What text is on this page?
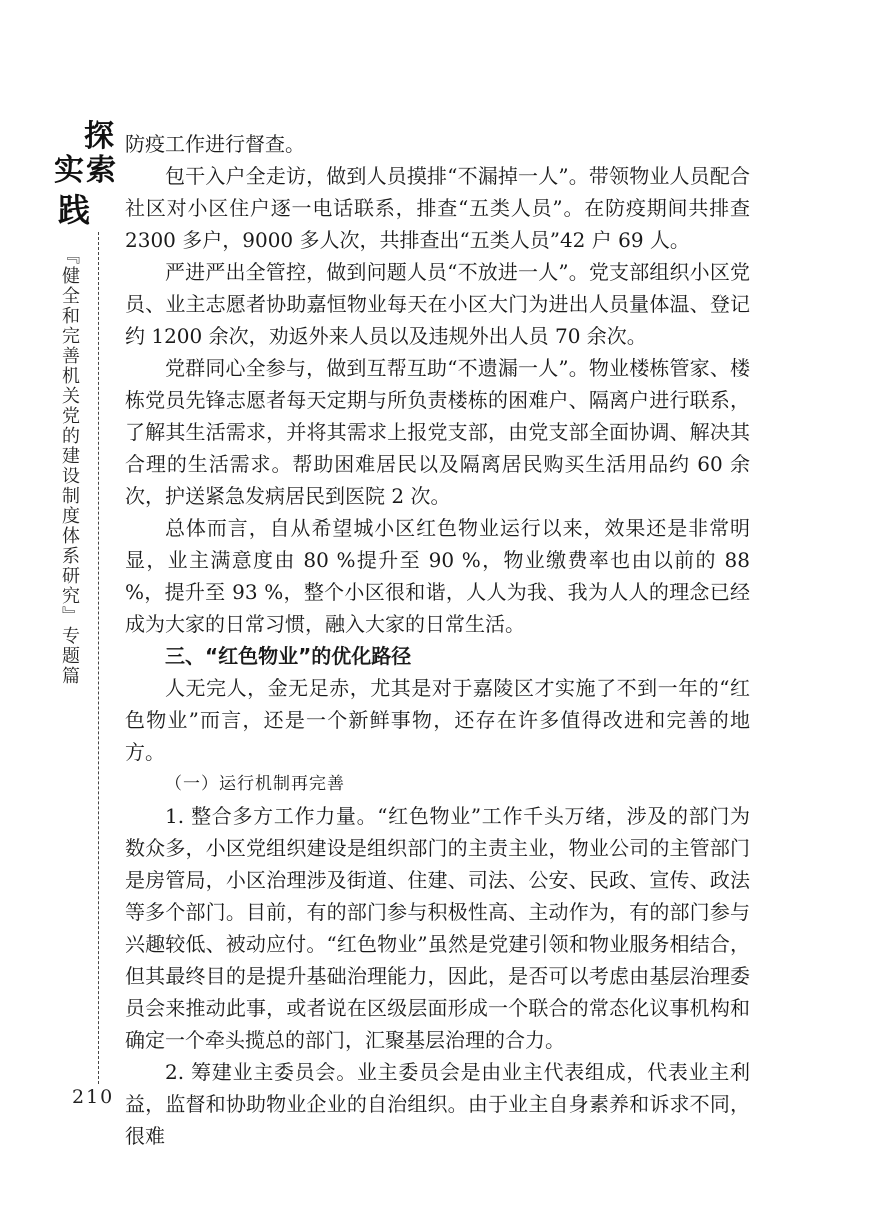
探
实 索
践
『健全和完善机关党的建设制度体系研究』专题篇
210

防疫工作进行督查。

包干入户全走访，做到人员摸排“不漏掉一人”。带领物业人员配合社区对小区住户逐一电话联系，排查“五类人员”。在防疫期间共排查 2300 多户，9000 多人次，共排查出“五类人员”42 户 69 人。

严进严出全管控，做到问题人员“不放进一人”。党支部组织小区党员、业主志愿者协助嘉恒物业每天在小区大门为进出人员量体温、登记约 1200 余次，劝返外来人员以及违规外出人员 70 余次。

党群同心全参与，做到互帮互助“不遗漏一人”。物业楼栋管家、楼栋党员先锋志愿者每天定期与所负责楼栋的困难户、隔离户进行联系，了解其生活需求，并将其需求上报党支部，由党支部全面协调、解决其合理的生活需求。帮助困难居民以及隔离居民购买生活用品约 60 余次，护送紧急发病居民到医院 2 次。

总体而言，自从希望城小区红色物业运行以来，效果还是非常明显，业主满意度由 80 %提升至 90 %，物业缴费率也由以前的 88 %，提升至 93 %，整个小区很和谐，人人为我、我为人人的理念已经成为大家的日常习惯，融入大家的日常生活。

三、“红色物业”的优化路径

人无完人，金无足赤，尤其是对于嘉陵区才实施了不到一年的“红色物业”而言，还是一个新鲜事物，还存在许多值得改进和完善的地方。

（一）运行机制再完善

1. 整合多方工作力量。“红色物业”工作千头万绪，涉及的部门为数众多，小区党组织建设是组织部门的主责主业，物业公司的主管部门是房管局，小区治理涉及街道、住建、司法、公安、民政、宣传、政法等多个部门。目前，有的部门参与积极性高、主动作为，有的部门参与兴趣较低、被动应付。“红色物业”虽然是党建引领和物业服务相结合，但其最终目的是提升基础治理能力，因此，是否可以考虑由基层治理委员会来推动此事，或者说在区级层面形成一个联合的常态化议事机构和确定一个牵头揽总的部门，汇聚基层治理的合力。

2. 筹建业主委员会。业主委员会是由业主代表组成，代表业主利益，监督和协助物业企业的自治组织。由于业主自身素养和诉求不同，很难
